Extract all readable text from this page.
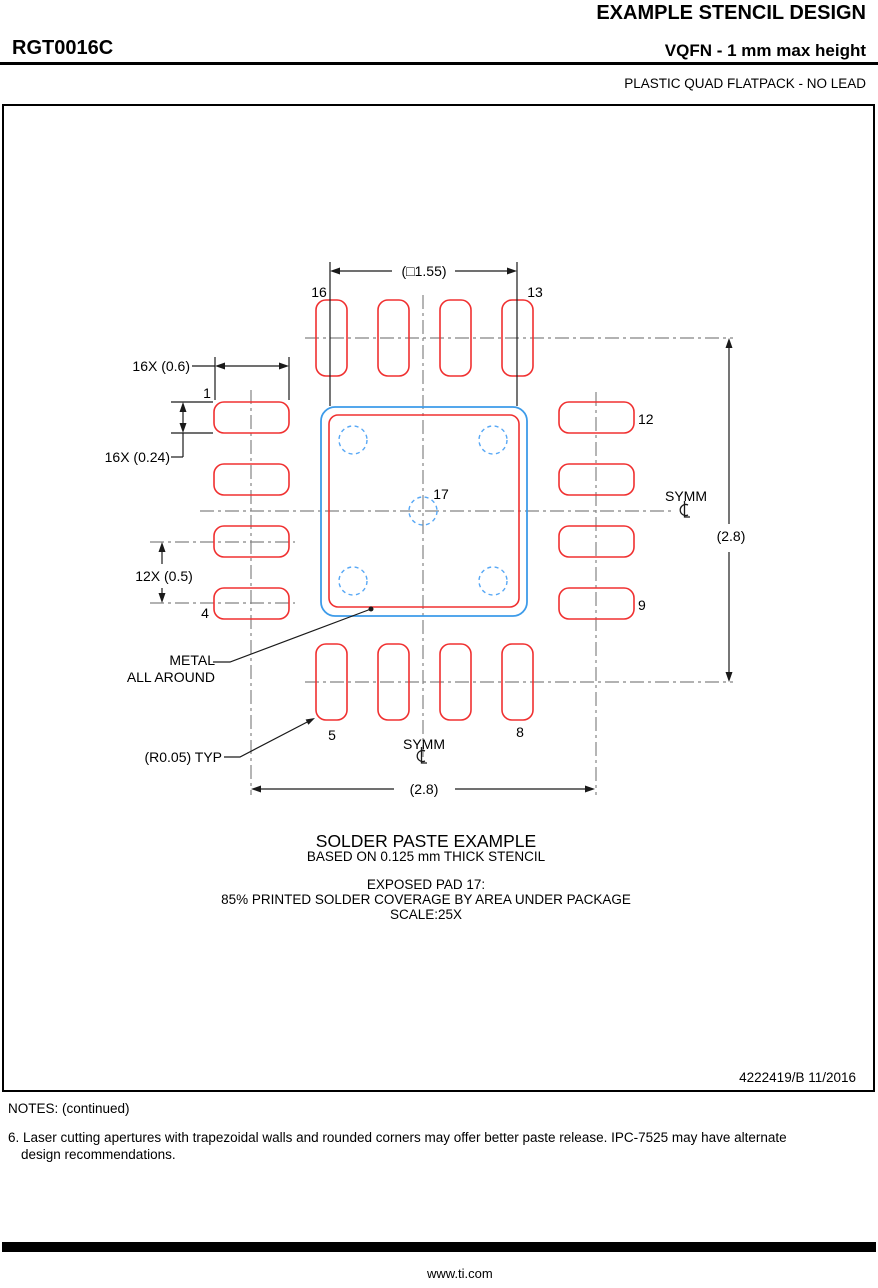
EXAMPLE STENCIL DESIGN
RGT0016C	VQFN - 1 mm max height
PLASTIC QUAD FLATPACK - NO LEAD
(□1.55)
16X (0.6)
16X (0.24)
12X (0.5)
(2.8)
(2.8)
SYMM
SYMM
METAL
ALL AROUND
(R0.05) TYP
16	13
1
4
5	8
12
9
17
SOLDER PASTE EXAMPLE
BASED ON 0.125 mm THICK STENCIL
EXPOSED PAD 17:
85% PRINTED SOLDER COVERAGE BY AREA UNDER PACKAGE
SCALE:25X
4222419/B 11/2016
NOTES: (continued)
6. Laser cutting apertures with trapezoidal walls and rounded corners may offer better paste release. IPC-7525 may have alternate
design recommendations.
www.ti.com
